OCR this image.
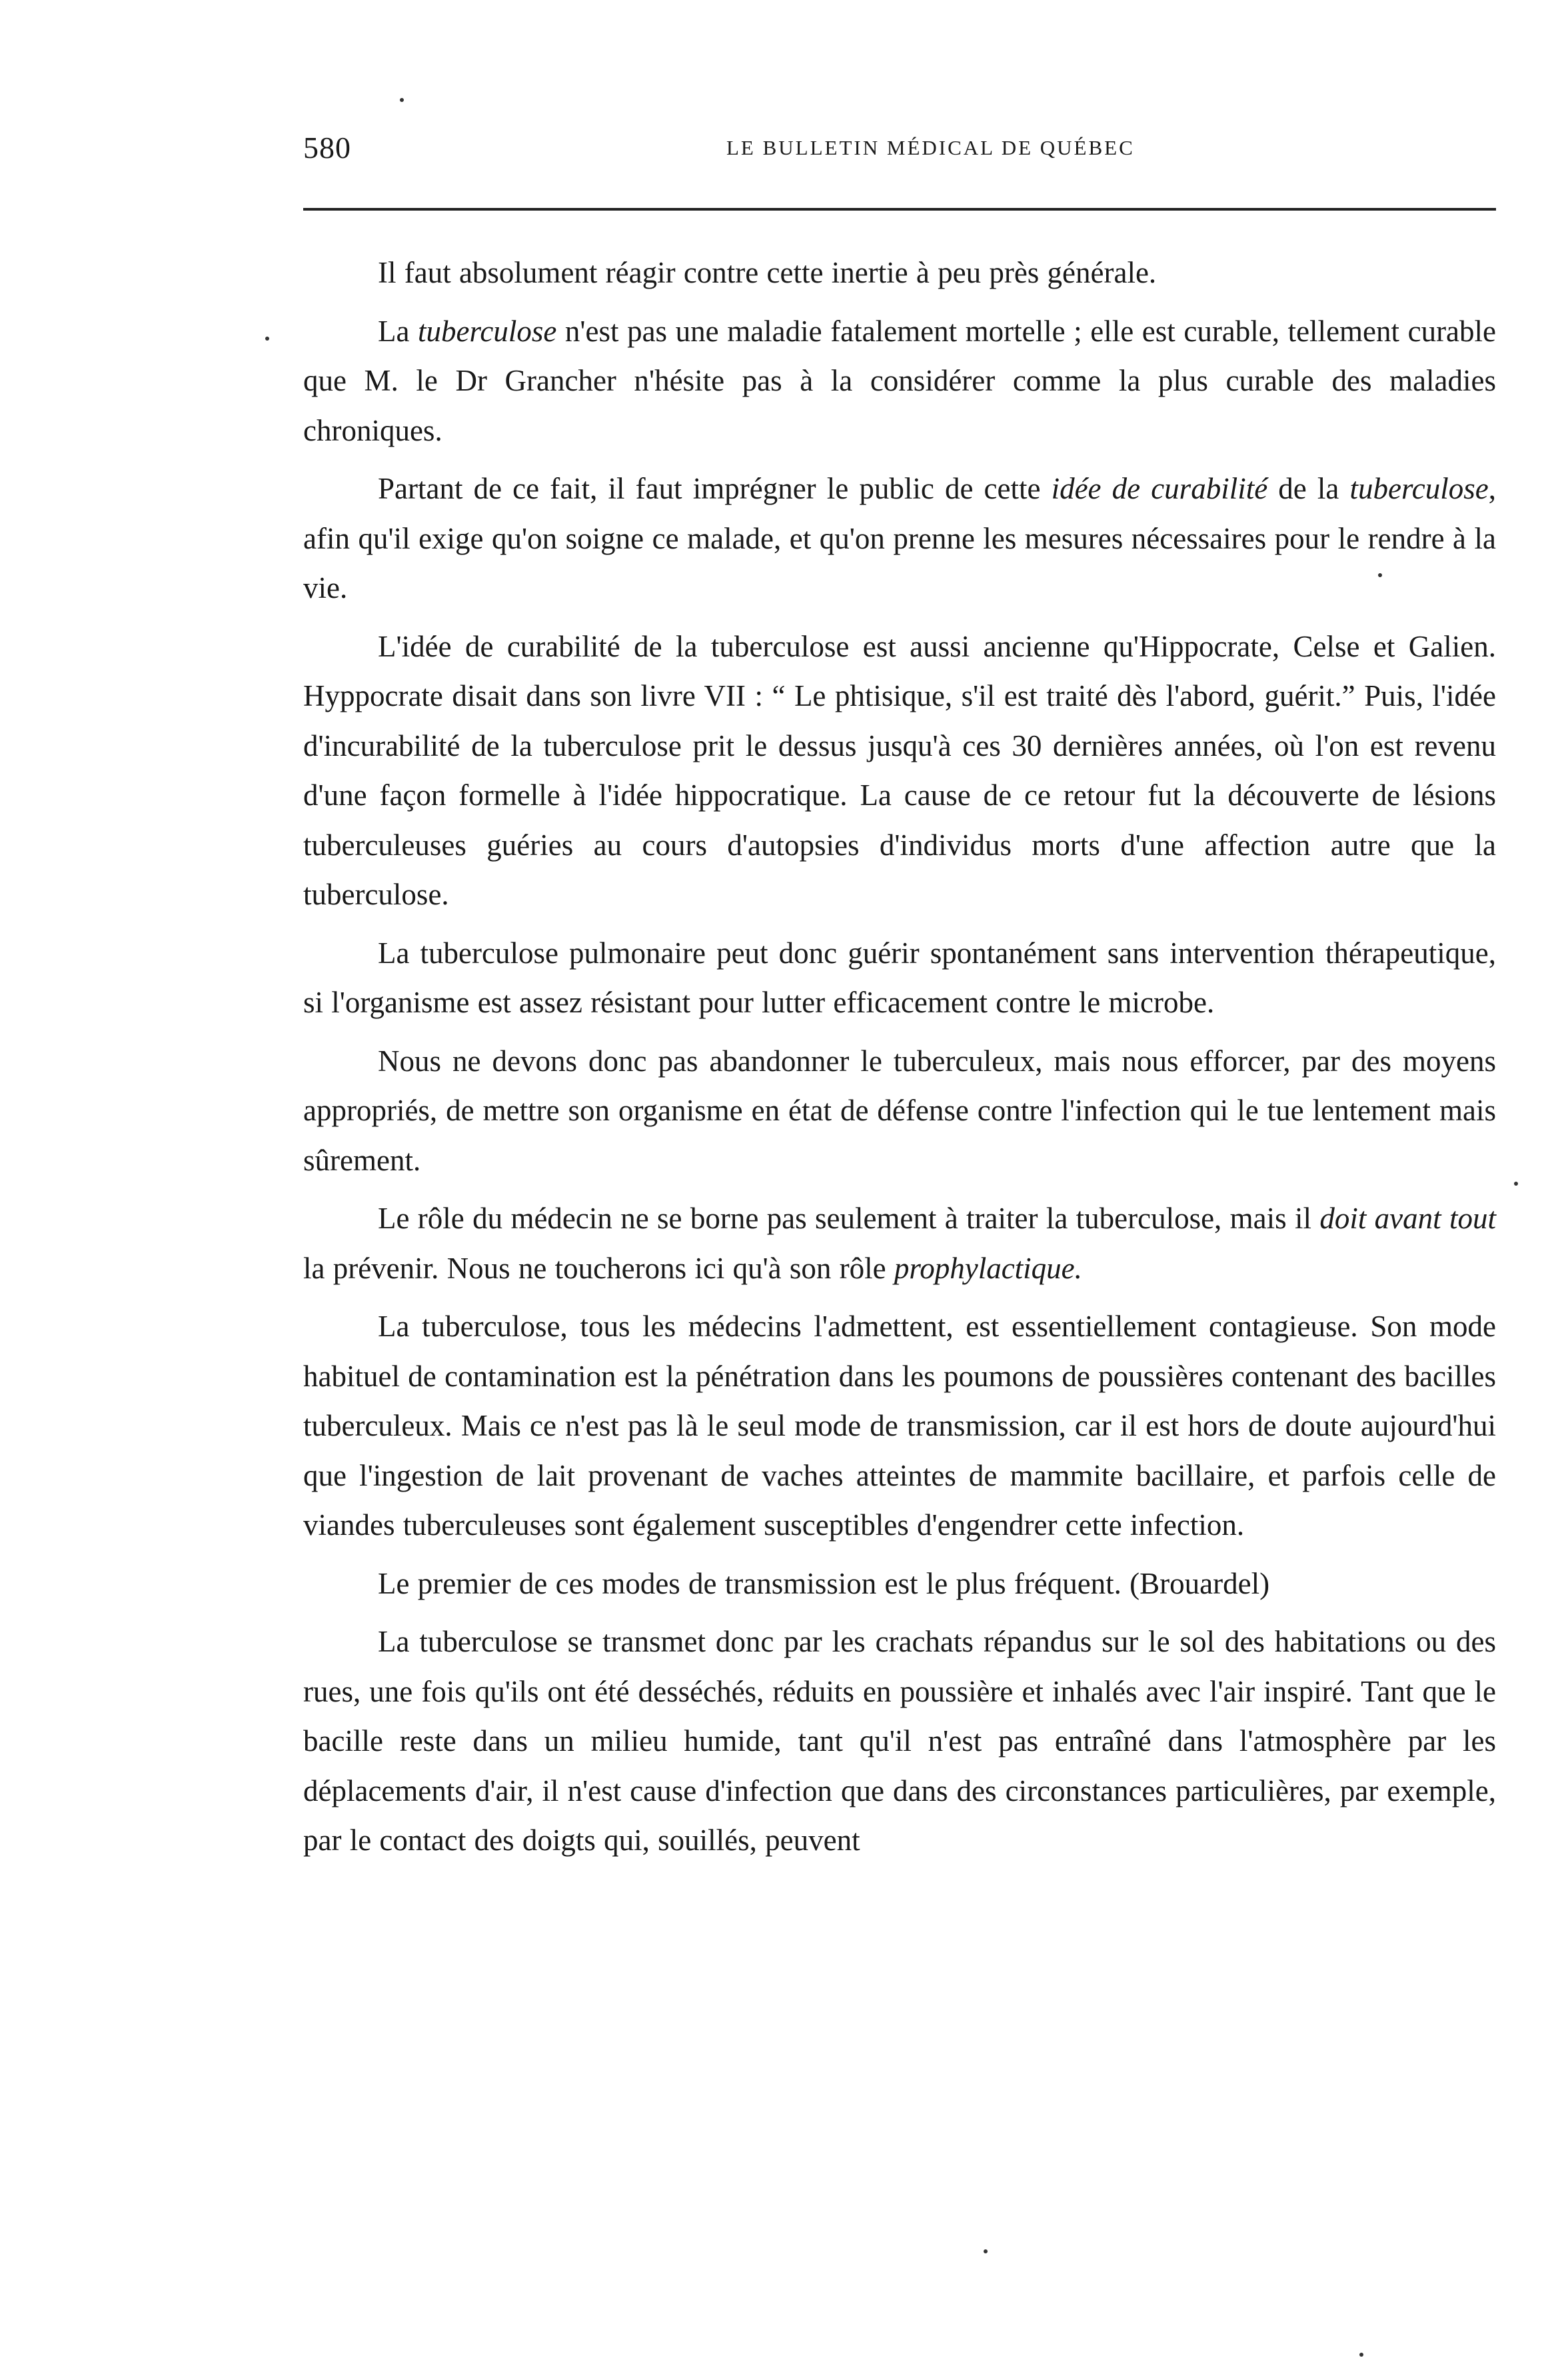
580	LE BULLETIN MÉDICAL DE QUÉBEC

Il faut absolument réagir contre cette inertie à peu près générale.

La tuberculose n'est pas une maladie fatalement mortelle ; elle est curable, tellement curable que M. le Dr Grancher n'hésite pas à la considérer comme la plus curable des maladies chroniques.

Partant de ce fait, il faut imprégner le public de cette idée de curabilité de la tuberculose, afin qu'il exige qu'on soigne ce malade, et qu'on prenne les mesures nécessaires pour le rendre à la vie.

L'idée de curabilité de la tuberculose est aussi ancienne qu'Hippocrate, Celse et Galien. Hyppocrate disait dans son livre VII : “ Le phtisique, s'il est traité dès l'abord, guérit.” Puis, l'idée d'incurabilité de la tuberculose prit le dessus jusqu'à ces 30 dernières années, où l'on est revenu d'une façon formelle à l'idée hippocratique. La cause de ce retour fut la découverte de lésions tuberculeuses guéries au cours d'autopsies d'individus morts d'une affection autre que la tuberculose.

La tuberculose pulmonaire peut donc guérir spontanément sans intervention thérapeutique, si l'organisme est assez résistant pour lutter efficacement contre le microbe.

Nous ne devons donc pas abandonner le tuberculeux, mais nous efforcer, par des moyens appropriés, de mettre son organisme en état de défense contre l'infection qui le tue lentement mais sûrement.

Le rôle du médecin ne se borne pas seulement à traiter la tuberculose, mais il doit avant tout la prévenir. Nous ne toucherons ici qu'à son rôle prophylactique.

La tuberculose, tous les médecins l'admettent, est essentiellement contagieuse. Son mode habituel de contamination est la pénétration dans les poumons de poussières contenant des bacilles tuberculeux. Mais ce n'est pas là le seul mode de transmission, car il est hors de doute aujourd'hui que l'ingestion de lait provenant de vaches atteintes de mammite bacillaire, et parfois celle de viandes tuberculeuses sont également susceptibles d'engendrer cette infection.

Le premier de ces modes de transmission est le plus fréquent. (Brouardel)

La tuberculose se transmet donc par les crachats répandus sur le sol des habitations ou des rues, une fois qu'ils ont été desséchés, réduits en poussière et inhalés avec l'air inspiré. Tant que le bacille reste dans un milieu humide, tant qu'il n'est pas entraîné dans l'atmosphère par les déplacements d'air, il n'est cause d'infection que dans des circonstances particulières, par exemple, par le contact des doigts qui, souillés, peuvent
